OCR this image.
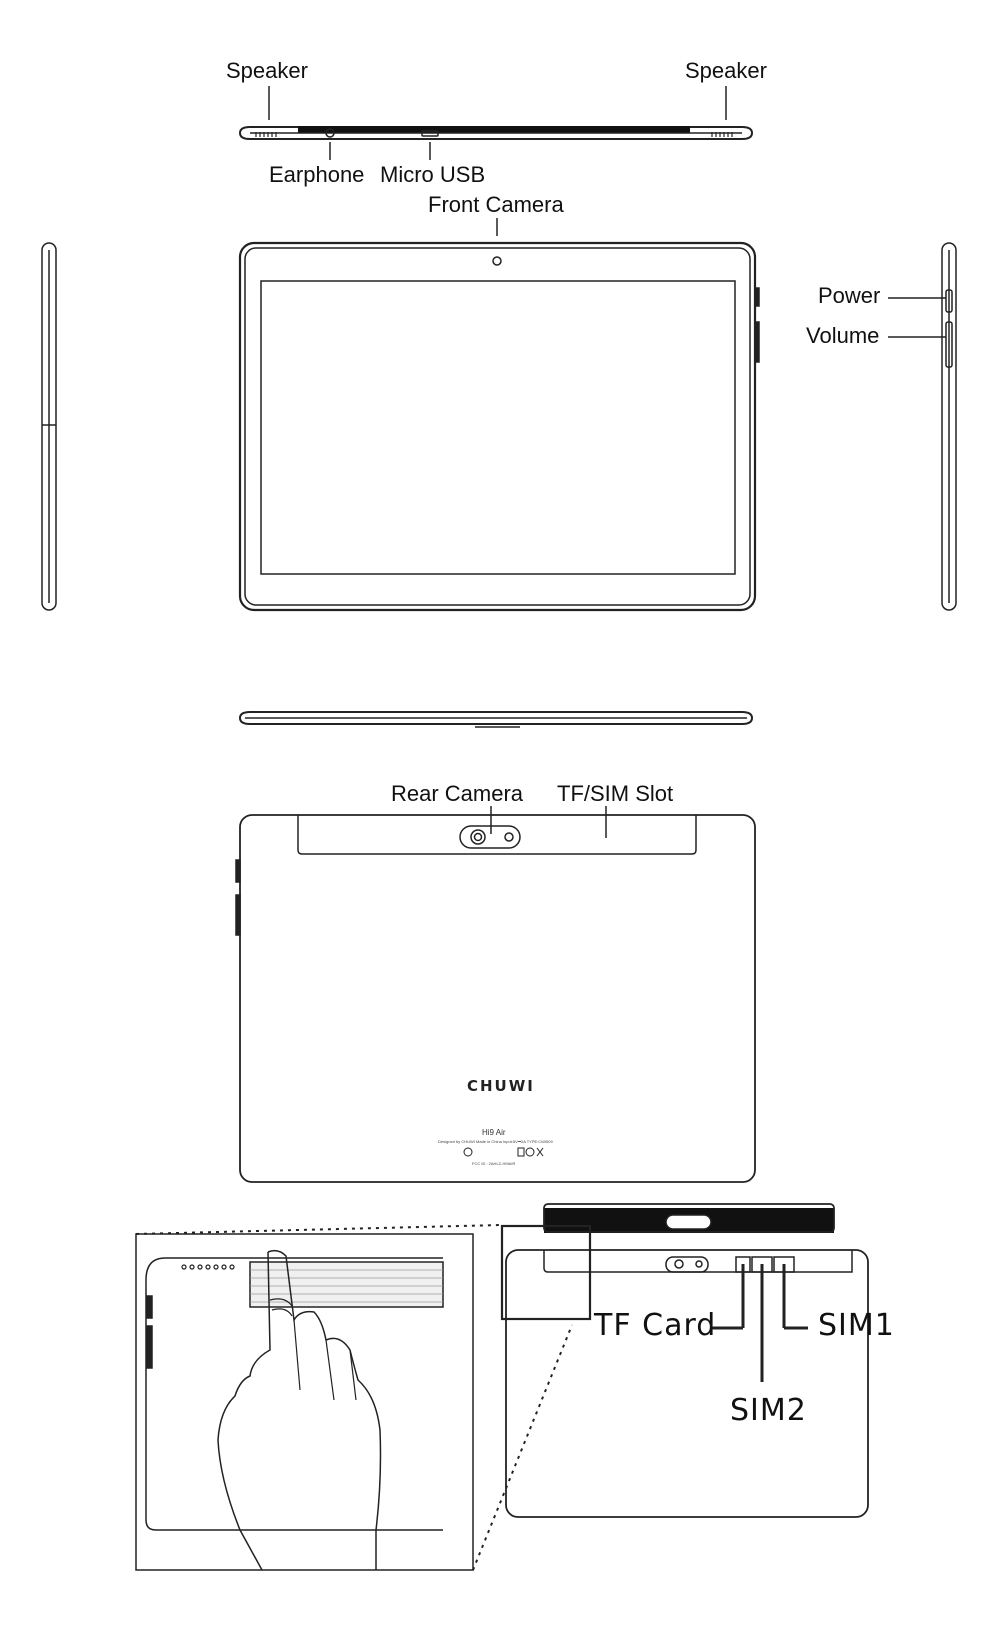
Speaker	Speaker
Earphone Micro USB
Front Camera
Power
Volume
Rear Camera TF/SIM Slot
CHUWI
Hi9 Air
Designed by CHUWI Made in China Input:5V⎓2A TYPE:CWI509
FCC ID : 2AHLZ-HI9AIR
TF Card	SIM1
SIM2
